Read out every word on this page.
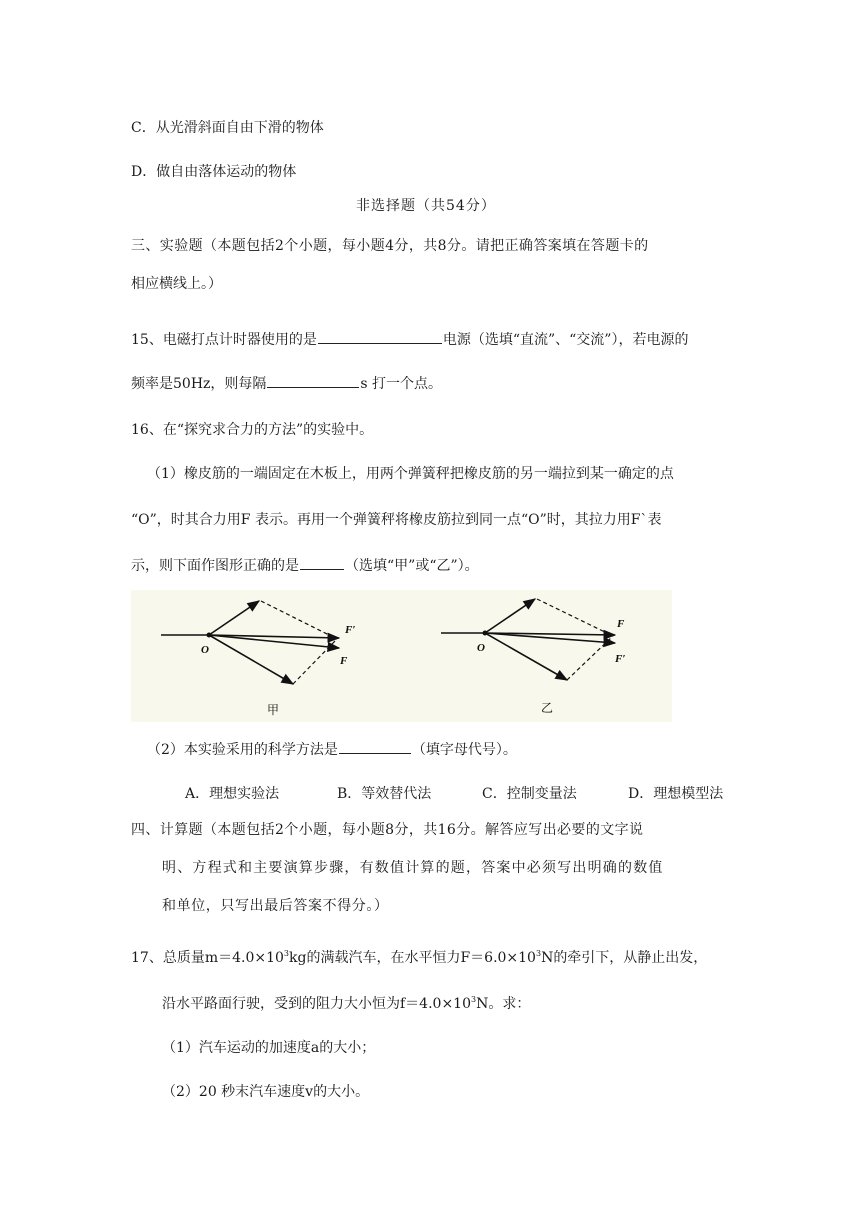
C．从光滑斜面自由下滑的物体
D．做自由落体运动的物体
非选择题（共54分）
三、实验题（本题包括2个小题，每小题4分，共8分。请把正确答案填在答题卡的
相应横线上。）
15、电磁打点计时器使用的是	电源（选填“直流”、“交流”），若电源的
频率是50Hz，则每隔	s 打一个点。
16、在“探究求合力的方法”的实验中。
（1）橡皮筋的一端固定在木板上，用两个弹簧秤把橡皮筋的另一端拉到某一确定的点
“O”，时其合力用F 表示。再用一个弹簧秤将橡皮筋拉到同一点“O”时，其拉力用F`表
示，则下面作图形正确的是	（选填“甲”或“乙”）。
O
F′
F
O
F
F′
甲	乙
（2）本实验采用的科学方法是	（填字母代号）。
A．理想实验法	B．等效替代法	C．控制变量法	D．理想模型法
四、计算题（本题包括2个小题，每小题8分，共16分。解答应写出必要的文字说
明、方程式和主要演算步骤，有数值计算的题，答案中必须写出明确的数值
和单位，只写出最后答案不得分。）
17、总质量$m=4.0\times 10^3kg$的满载汽车，在水平恒力$F=6.0\times 10^3N$的牵引下，从静止出发，
沿水平路面行驶，受到的阻力大小恒为$f=4.0\times 10^3N$。求：
（1）汽车运动的加速度a的大小；
（2）20 秒末汽车速度v的大小。
